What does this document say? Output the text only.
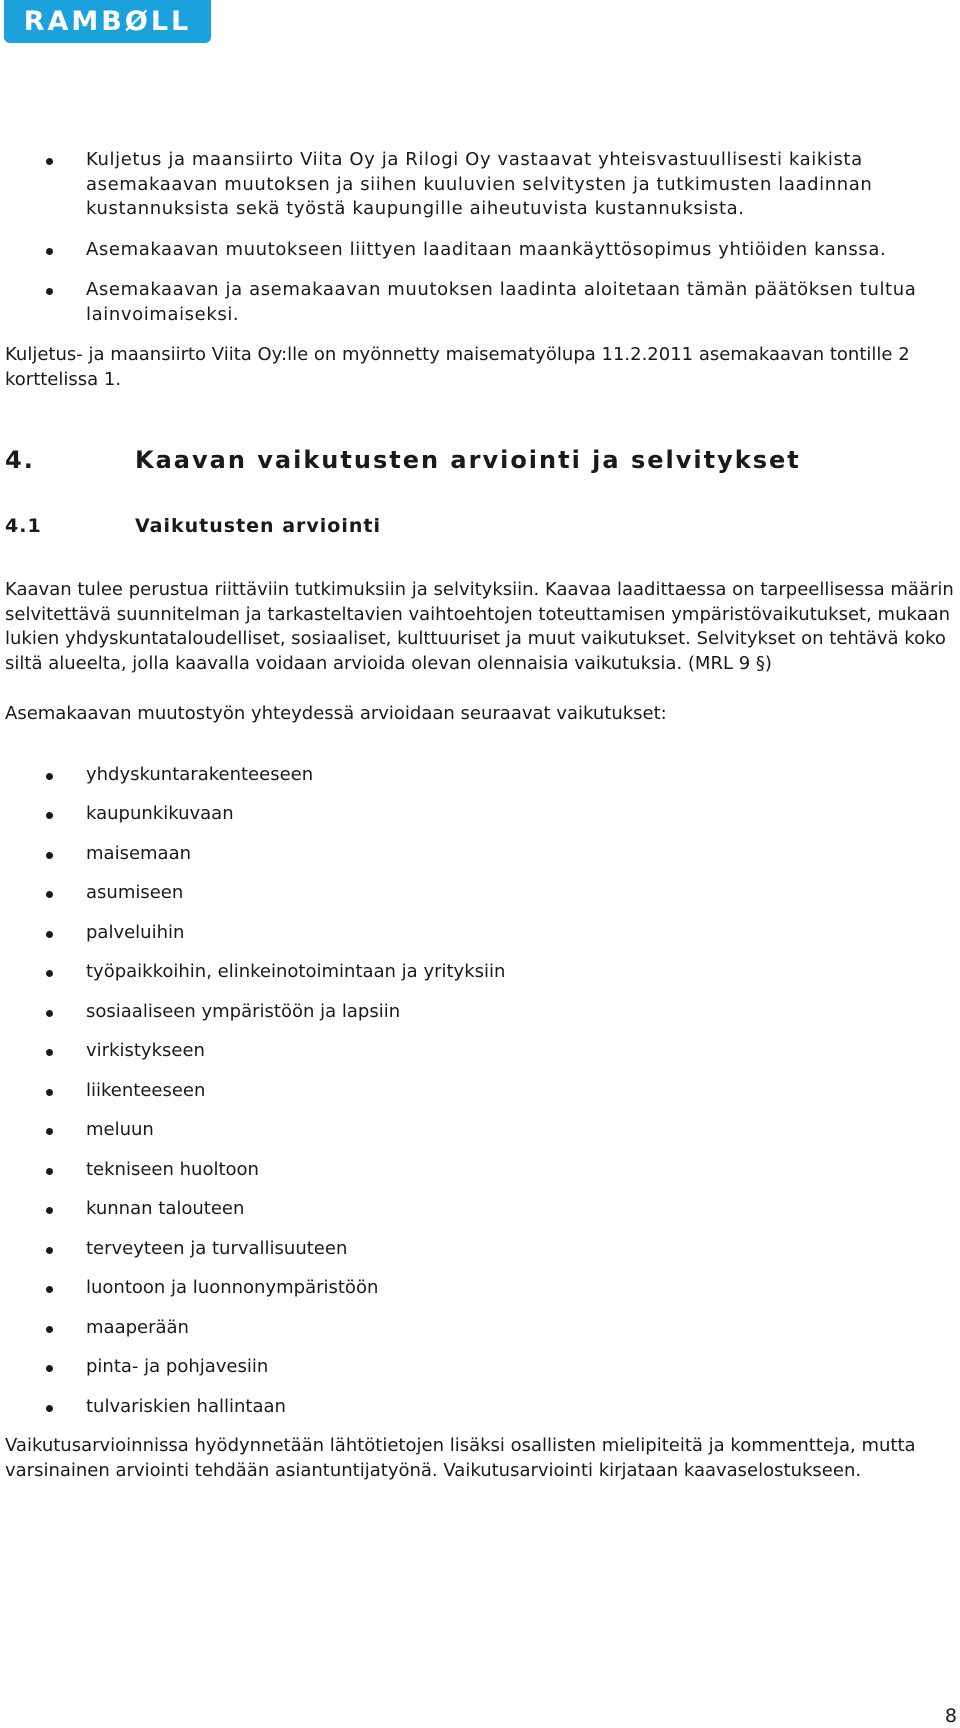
RAMBØLL
Kuljetus ja maansiirto Viita Oy ja Rilogi Oy vastaavat yhteisvastuullisesti kaikista asemakaavan muutoksen ja siihen kuuluvien selvitysten ja tutkimusten laadinnan kustannuksista sekä työstä kaupungille aiheutuvista kustannuksista.
Asemakaavan muutokseen liittyen laaditaan maankäyttösopimus yhtiöiden kanssa.
Asemakaavan ja asemakaavan muutoksen laadinta aloitetaan tämän päätöksen tultua lainvoimaiseksi.

Kuljetus- ja maansiirto Viita Oy:lle on myönnetty maisematyölupa 11.2.2011 asemakaavan tontille 2 korttelissa 1.

4.	Kaavan vaikutusten arviointi ja selvitykset
4.1	Vaikutusten arviointi

Kaavan tulee perustua riittäviin tutkimuksiin ja selvityksiin. Kaavaa laadittaessa on tarpeellisessa määrin selvitettävä suunnitelman ja tarkasteltavien vaihtoehtojen toteuttamisen ympäristövaikutukset, mukaan lukien yhdyskuntataloudelliset, sosiaaliset, kulttuuriset ja muut vaikutukset. Selvitykset on tehtävä koko siltä alueelta, jolla kaavalla voidaan arvioida olevan olennaisia vaikutuksia. (MRL 9 §)

Asemakaavan muutostyön yhteydessä arvioidaan seuraavat vaikutukset:

yhdyskuntarakenteeseen
kaupunkikuvaan
maisemaan
asumiseen
palveluihin
työpaikkoihin, elinkeinotoimintaan ja yrityksiin
sosiaaliseen ympäristöön ja lapsiin
virkistykseen
liikenteeseen
meluun
tekniseen huoltoon
kunnan talouteen
terveyteen ja turvallisuuteen
luontoon ja luonnonympäristöön
maaperään
pinta- ja pohjavesiin
tulvariskien hallintaan

Vaikutusarvioinnissa hyödynnetään lähtötietojen lisäksi osallisten mielipiteitä ja kommentteja, mutta varsinainen arviointi tehdään asiantuntijatyönä. Vaikutusarviointi kirjataan kaavaselostukseen.

8
